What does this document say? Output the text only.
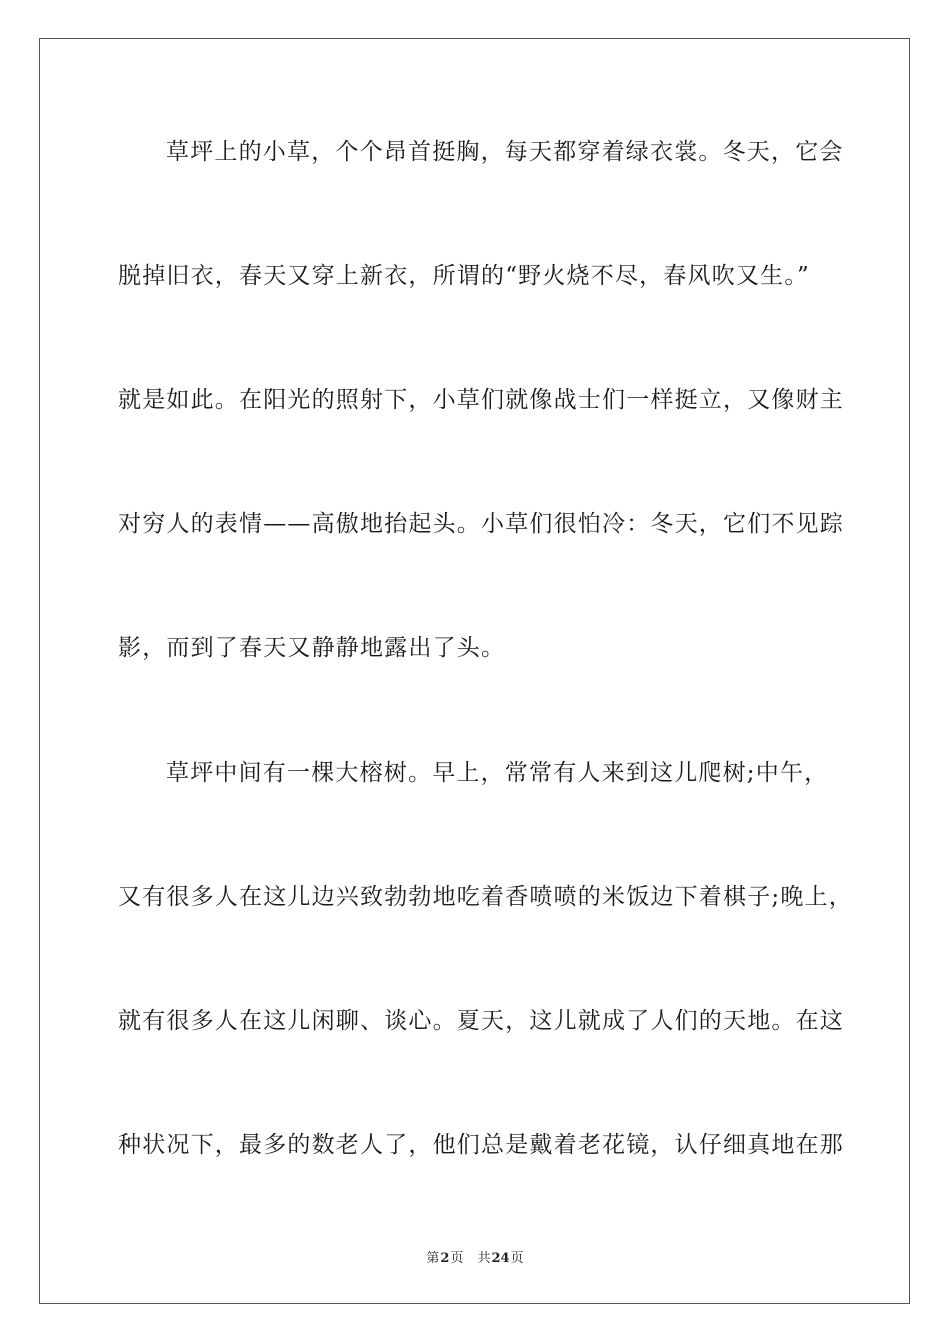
草坪上的小草，个个昂首挺胸，每天都穿着绿衣裳。冬天，它会
脱掉旧衣，春天又穿上新衣，所谓的“野火烧不尽，春风吹又生。”
就是如此。在阳光的照射下，小草们就像战士们一样挺立，又像财主
对穷人的表情——高傲地抬起头。小草们很怕冷：冬天，它们不见踪
影，而到了春天又静静地露出了头。
草坪中间有一棵大榕树。早上，常常有人来到这儿爬树;中午，
又有很多人在这儿边兴致勃勃地吃着香喷喷的米饭边下着棋子;晚上，
就有很多人在这儿闲聊、谈心。夏天，这儿就成了人们的天地。在这
种状况下，最多的数老人了，他们总是戴着老花镜，认仔细真地在那
第2页 共24页
